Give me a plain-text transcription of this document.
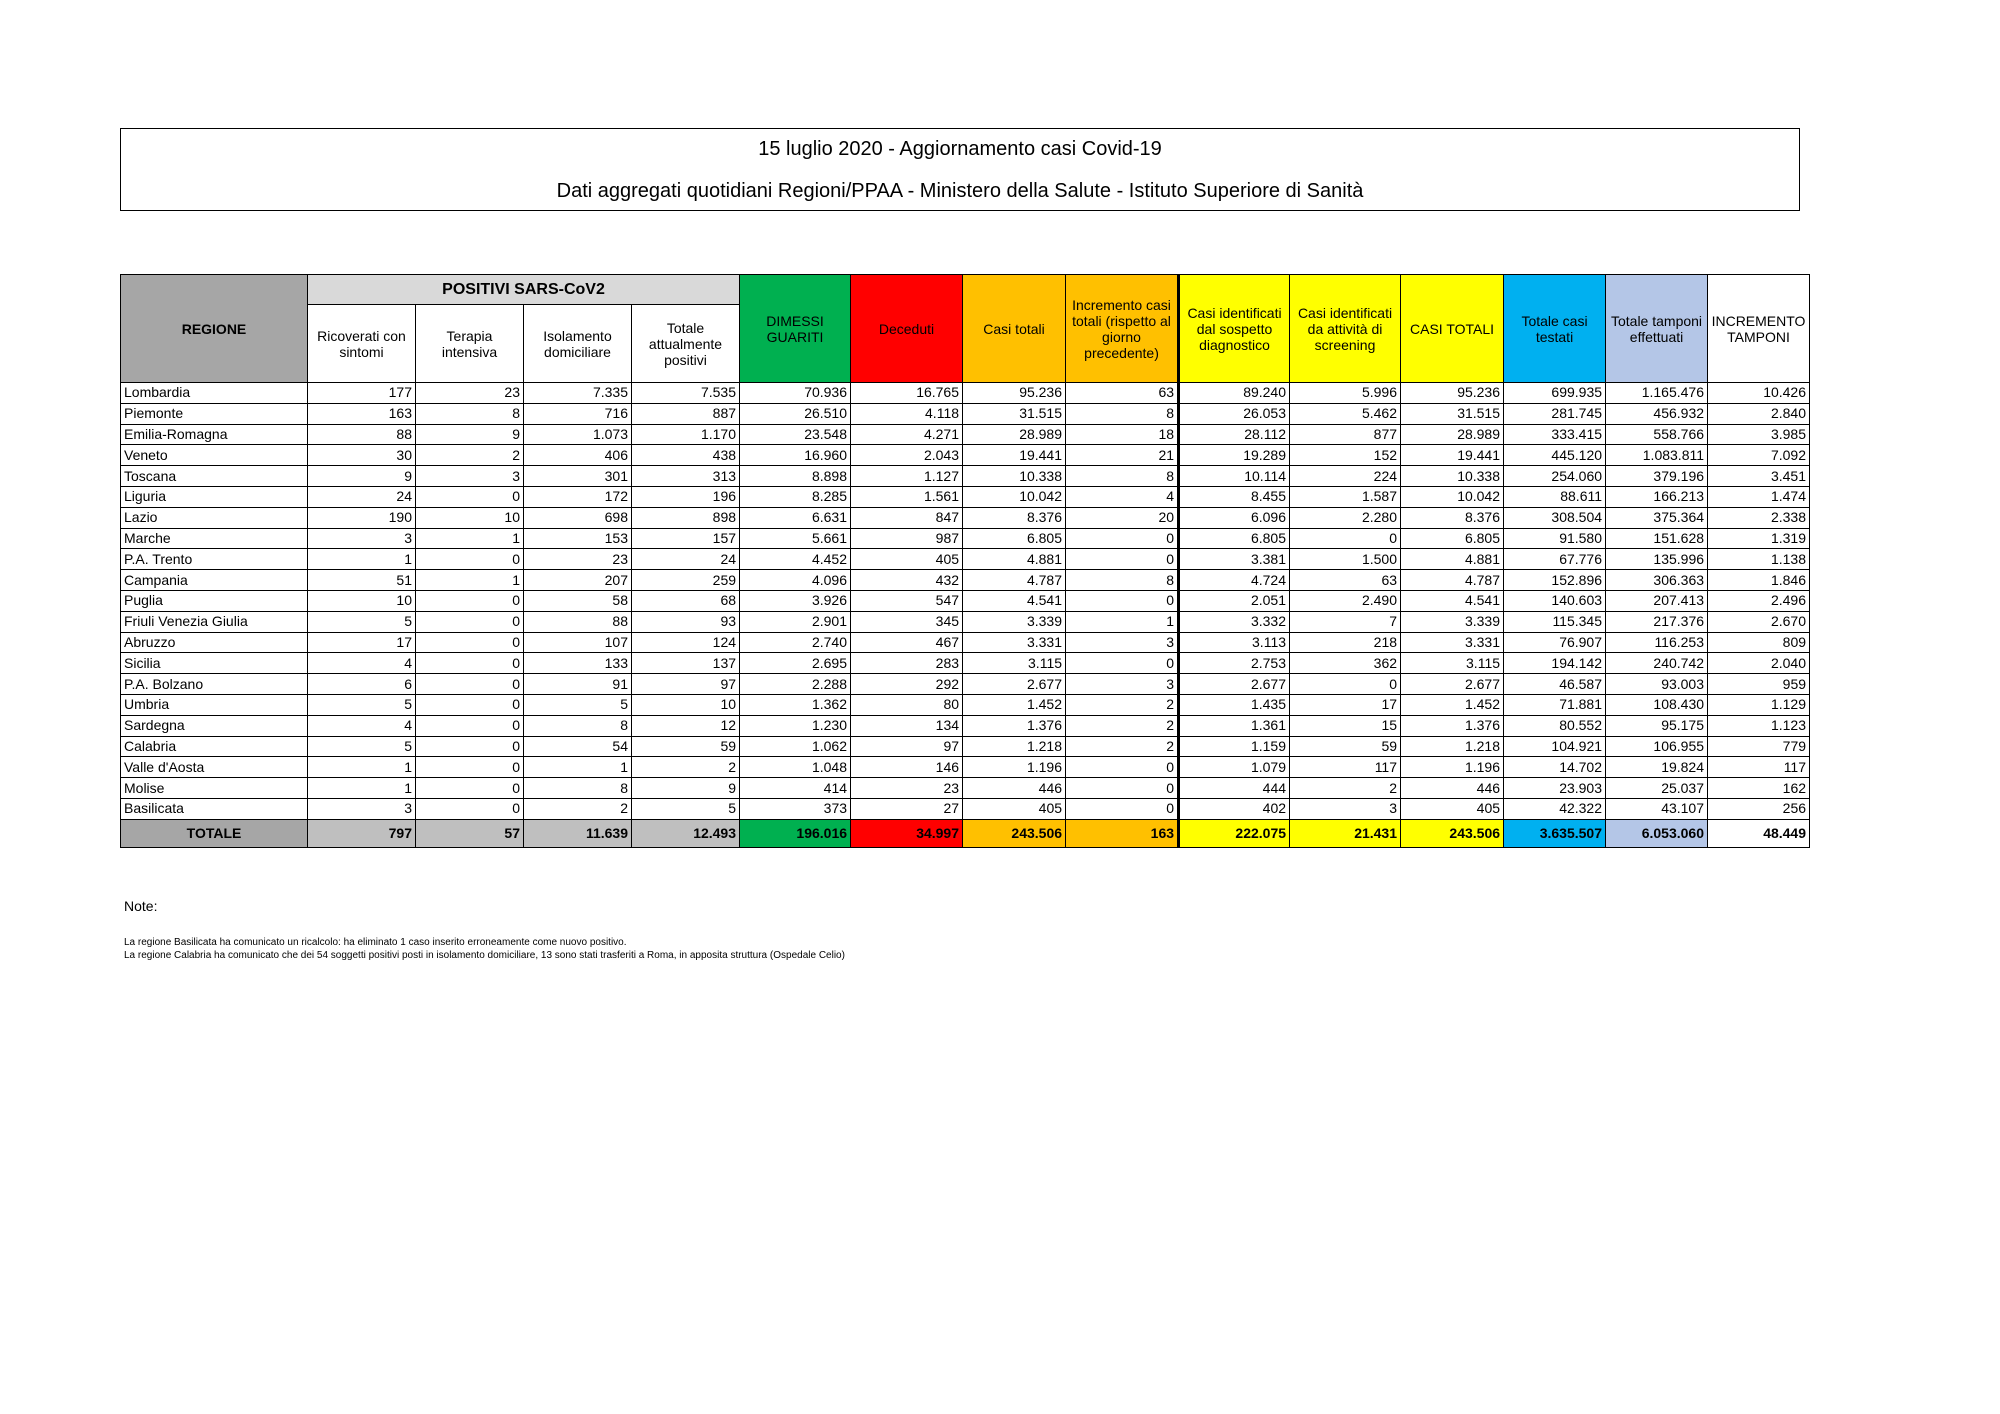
15 luglio 2020 - Aggiornamento casi Covid-19
Dati aggregati quotidiani Regioni/PPAA - Ministero della Salute - Istituto Superiore di Sanità
REGIONE	POSITIVI SARS-CoV2				DIMESSI GUARITI	Deceduti	Casi totali	Incremento casi totali (rispetto al giorno precedente)	Casi identificati dal sospetto diagnostico	Casi identificati da attività di screening	CASI TOTALI	Totale casi testati	Totale tamponi effettuati	INCREMENTO TAMPONI
	Ricoverati con sintomi	Terapia intensiva	Isolamento domiciliare	Totale attualmente positivi										
Lombardia	177	23	7.335	7.535	70.936	16.765	95.236	63	89.240	5.996	95.236	699.935	1.165.476	10.426
Piemonte	163	8	716	887	26.510	4.118	31.515	8	26.053	5.462	31.515	281.745	456.932	2.840
Emilia-Romagna	88	9	1.073	1.170	23.548	4.271	28.989	18	28.112	877	28.989	333.415	558.766	3.985
Veneto	30	2	406	438	16.960	2.043	19.441	21	19.289	152	19.441	445.120	1.083.811	7.092
Toscana	9	3	301	313	8.898	1.127	10.338	8	10.114	224	10.338	254.060	379.196	3.451
Liguria	24	0	172	196	8.285	1.561	10.042	4	8.455	1.587	10.042	88.611	166.213	1.474
Lazio	190	10	698	898	6.631	847	8.376	20	6.096	2.280	8.376	308.504	375.364	2.338
Marche	3	1	153	157	5.661	987	6.805	0	6.805	0	6.805	91.580	151.628	1.319
P.A. Trento	1	0	23	24	4.452	405	4.881	0	3.381	1.500	4.881	67.776	135.996	1.138
Campania	51	1	207	259	4.096	432	4.787	8	4.724	63	4.787	152.896	306.363	1.846
Puglia	10	0	58	68	3.926	547	4.541	0	2.051	2.490	4.541	140.603	207.413	2.496
Friuli Venezia Giulia	5	0	88	93	2.901	345	3.339	1	3.332	7	3.339	115.345	217.376	2.670
Abruzzo	17	0	107	124	2.740	467	3.331	3	3.113	218	3.331	76.907	116.253	809
Sicilia	4	0	133	137	2.695	283	3.115	0	2.753	362	3.115	194.142	240.742	2.040
P.A. Bolzano	6	0	91	97	2.288	292	2.677	3	2.677	0	2.677	46.587	93.003	959
Umbria	5	0	5	10	1.362	80	1.452	2	1.435	17	1.452	71.881	108.430	1.129
Sardegna	4	0	8	12	1.230	134	1.376	2	1.361	15	1.376	80.552	95.175	1.123
Calabria	5	0	54	59	1.062	97	1.218	2	1.159	59	1.218	104.921	106.955	779
Valle d'Aosta	1	0	1	2	1.048	146	1.196	0	1.079	117	1.196	14.702	19.824	117
Molise	1	0	8	9	414	23	446	0	444	2	446	23.903	25.037	162
Basilicata	3	0	2	5	373	27	405	0	402	3	405	42.322	43.107	256
TOTALE	797	57	11.639	12.493	196.016	34.997	243.506	163	222.075	21.431	243.506	3.635.507	6.053.060	48.449
Note:
La regione Basilicata ha comunicato un ricalcolo: ha eliminato 1 caso inserito erroneamente come nuovo positivo.
La regione Calabria ha comunicato che dei 54 soggetti positivi posti in isolamento domiciliare, 13 sono stati trasferiti a Roma, in apposita struttura (Ospedale Celio)
